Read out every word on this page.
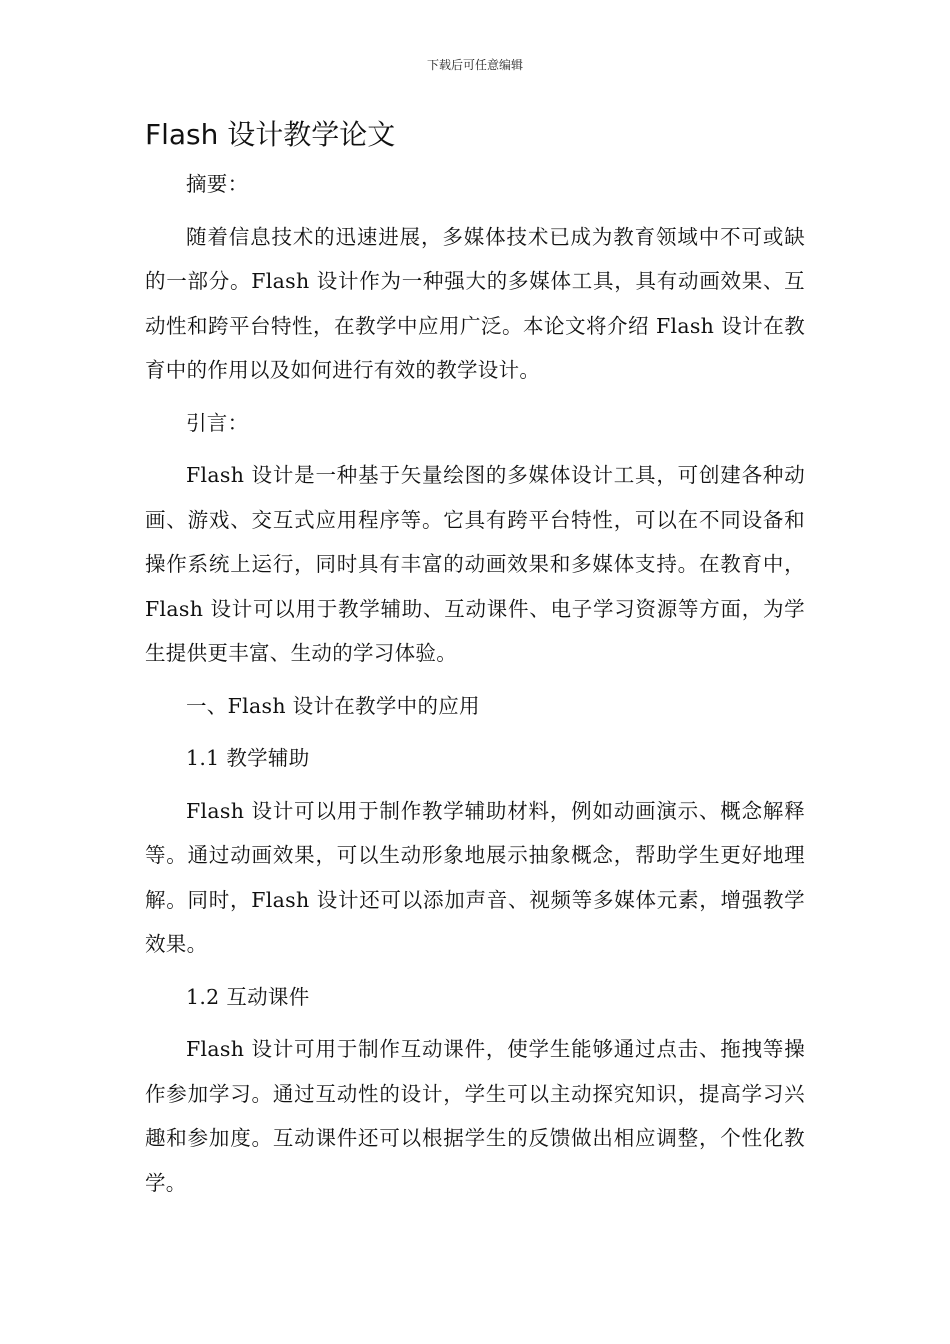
下载后可任意编辑
Flash 设计教学论文

摘要：

随着信息技术的迅速进展，多媒体技术已成为教育领域中不可或缺的一部分。Flash 设计作为一种强大的多媒体工具，具有动画效果、互动性和跨平台特性，在教学中应用广泛。本论文将介绍 Flash 设计在教育中的作用以及如何进行有效的教学设计。

引言：

Flash 设计是一种基于矢量绘图的多媒体设计工具，可创建各种动画、游戏、交互式应用程序等。它具有跨平台特性，可以在不同设备和操作系统上运行，同时具有丰富的动画效果和多媒体支持。在教育中，Flash 设计可以用于教学辅助、互动课件、电子学习资源等方面，为学生提供更丰富、生动的学习体验。

一、Flash 设计在教学中的应用

1.1 教学辅助

Flash 设计可以用于制作教学辅助材料，例如动画演示、概念解释等。通过动画效果，可以生动形象地展示抽象概念，帮助学生更好地理解。同时，Flash 设计还可以添加声音、视频等多媒体元素，增强教学效果。

1.2 互动课件

Flash 设计可用于制作互动课件，使学生能够通过点击、拖拽等操作参加学习。通过互动性的设计，学生可以主动探究知识，提高学习兴趣和参加度。互动课件还可以根据学生的反馈做出相应调整，个性化教学。
